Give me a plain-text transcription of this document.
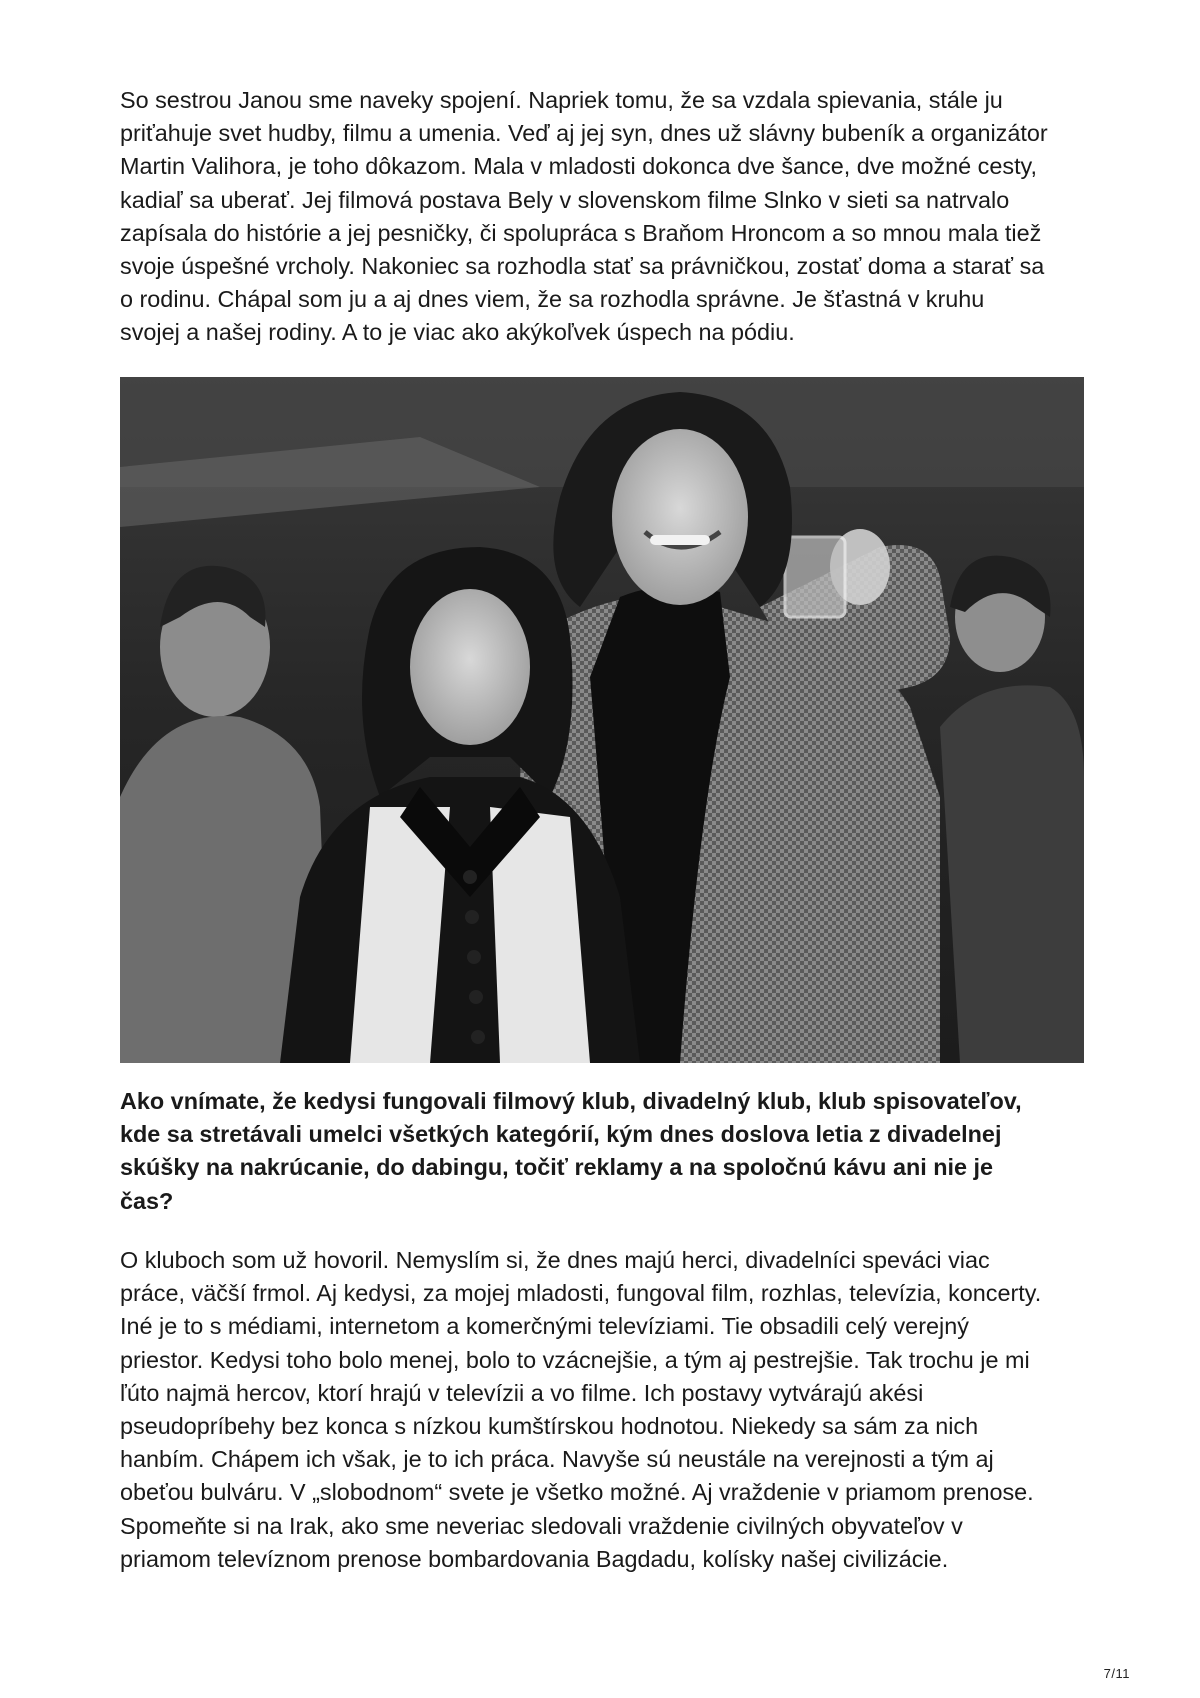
So sestrou Janou sme naveky spojení. Napriek tomu, že sa vzdala spievania, stále ju
priťahuje svet hudby, filmu a umenia. Veď aj jej syn, dnes už slávny bubeník a organizátor
Martin Valihora, je toho dôkazom. Mala v mladosti dokonca dve šance, dve možné cesty,
kadiaľ sa uberať. Jej filmová postava Bely v slovenskom filme Slnko v sieti sa natrvalo
zapísala do histórie a jej pesničky, či spolupráca s Braňom Hroncom a so mnou mala tiež
svoje úspešné vrcholy. Nakoniec sa rozhodla stať sa právničkou, zostať doma a starať sa
o rodinu. Chápal som ju a aj dnes viem, že sa rozhodla správne. Je šťastná v kruhu
svojej a našej rodiny. A to je viac ako akýkoľvek úspech na pódiu.

Ako vnímate, že kedysi fungovali filmový klub, divadelný klub, klub spisovateľov,
kde sa stretávali umelci všetkých kategórií, kým dnes doslova letia z divadelnej
skúšky na nakrúcanie, do dabingu, točiť reklamy a na spoločnú kávu ani nie je
čas?

O kluboch som už hovoril. Nemyslím si, že dnes majú herci, divadelníci speváci viac
práce, väčší frmol. Aj kedysi, za mojej mladosti, fungoval film, rozhlas, televízia, koncerty.
Iné je to s médiami, internetom a komerčnými televíziami. Tie obsadili celý verejný
priestor. Kedysi toho bolo menej, bolo to vzácnejšie, a tým aj pestrejšie. Tak trochu je mi
ľúto najmä hercov, ktorí hrajú v televízii a vo filme. Ich postavy vytvárajú akési
pseudopríbehy bez konca s nízkou kumštírskou hodnotou. Niekedy sa sám za nich
hanbím. Chápem ich však, je to ich práca. Navyše sú neustále na verejnosti a tým aj
obeťou bulváru. V „slobodnom“ svete je všetko možné. Aj vraždenie v priamom prenose.
Spomeňte si na Irak, ako sme neveriac sledovali vraždenie civilných obyvateľov v
priamom televíznom prenose bombardovania Bagdadu, kolísky našej civilizácie.

7/11
